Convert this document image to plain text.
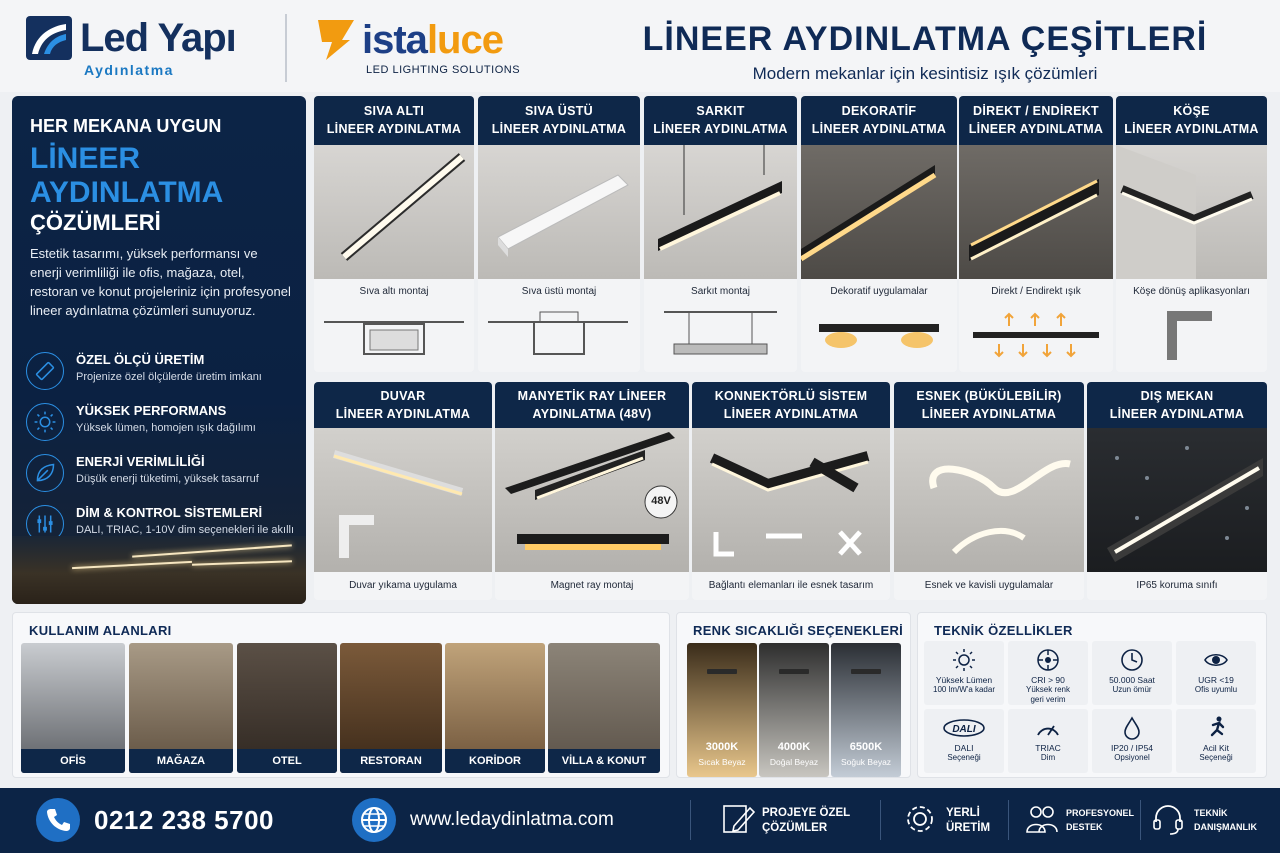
Led Yapı
Aydınlatma
istaluce
LED LIGHTING SOLUTIONS
LİNEER AYDINLATMA ÇEŞİTLERİ
Modern mekanlar için kesintisiz ışık çözümleri
HER MEKANA UYGUN
LİNEER
AYDINLATMA
ÇÖZÜMLERİ
Estetik tasarımı, yüksek performansı ve enerji verimliliği ile ofis, mağaza, otel, restoran ve konut projeleriniz için profesyonel lineer aydınlatma çözümleri sunuyoruz.
ÖZEL ÖLÇÜ ÜRETİM
Projenize özel ölçülerde üretim imkanı
YÜKSEK PERFORMANS
Yüksek lümen, homojen ışık dağılımı
ENERJİ VERİMLİLİĞİ
Düşük enerji tüketimi, yüksek tasarruf
DİM & KONTROL SİSTEMLERİ
DALI, TRIAC, 1-10V dim seçenekleri ile akıllı
SIVA ALTI
LİNEER AYDINLATMA
Sıva altı montaj
SIVA ÜSTÜ
LİNEER AYDINLATMA
Sıva üstü montaj
SARKIT
LİNEER AYDINLATMA
Sarkıt montaj
DEKORATİF
LİNEER AYDINLATMA
Dekoratif uygulamalar
DİREKT / ENDİREKT
LİNEER AYDINLATMA
Direkt / Endirekt ışık
KÖŞE
LİNEER AYDINLATMA
Köşe dönüş aplikasyonları
DUVAR
LİNEER AYDINLATMA
Duvar yıkama uygulama
MANYETİK RAY LİNEER
AYDINLATMA (48V)
48V
Magnet ray montaj
KONNEKTÖRLÜ SİSTEM
LİNEER AYDINLATMA
Bağlantı elemanları ile esnek tasarım
ESNEK (BÜKÜLEBİLİR)
LİNEER AYDINLATMA
Esnek ve kavisli uygulamalar
DIŞ MEKAN
LİNEER AYDINLATMA
IP65 koruma sınıfı
KULLANIM ALANLARI
OFİS	MAĞAZA	OTEL	RESTORAN	KORİDOR	VİLLA & KONUT
RENK SICAKLIĞI SEÇENEKLERİ
3000K
Sıcak Beyaz
4000K
Doğal Beyaz
6500K
Soğuk Beyaz
TEKNİK ÖZELLİKLER
Yüksek Lümen
100 lm/W'a kadar
CRI > 90
Yüksek renk
geri verim
50.000 Saat
Uzun ömür
UGR <19
Ofis uyumlu
DALI
DALI
Seçeneği
TRIAC
Dim
IP20 / IP54
Opsiyonel
Acil Kit
Seçeneği
0212 238 5700	www.ledaydinlatma.com	PROJEYE ÖZEL
ÇÖZÜMLER
YERLİ
ÜRETİM
PROFESYONEL
DESTEK
TEKNİK
DANIŞMANLIK
